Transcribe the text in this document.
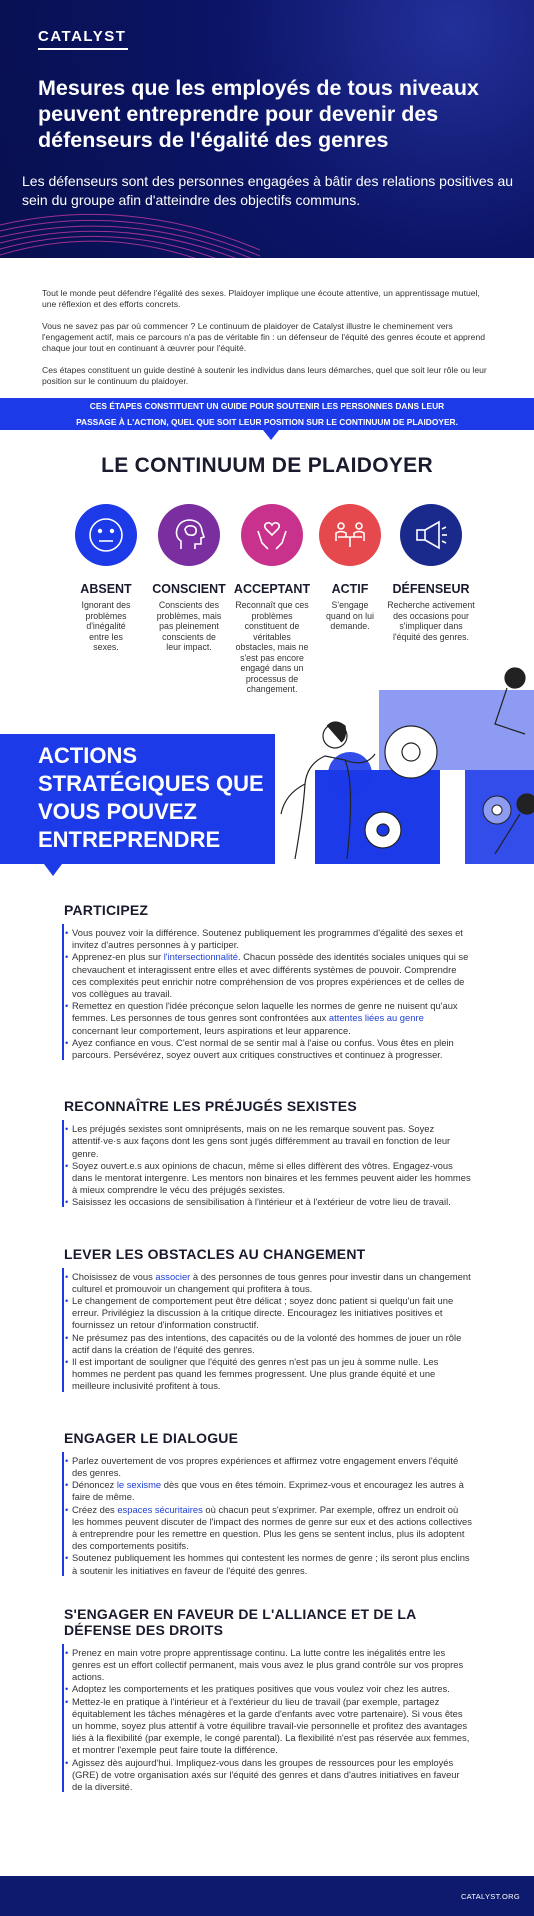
CATALYST
Mesures que les employés de tous niveaux peuvent entreprendre pour devenir des défenseurs de l'égalité des genres

Les défenseurs sont des personnes engagées à bâtir des relations positives au sein du groupe afin d'atteindre des objectifs communs.

Tout le monde peut défendre l'égalité des sexes. Plaidoyer implique une écoute attentive, un apprentissage mutuel, une réflexion et des efforts concrets.

Vous ne savez pas par où commencer ? Le continuum de plaidoyer de Catalyst illustre le cheminement vers l'engagement actif, mais ce parcours n'a pas de véritable fin : un défenseur de l'équité des genres écoute et apprend chaque jour tout en continuant à œuvrer pour l'équité.

Ces étapes constituent un guide destiné à soutenir les individus dans leurs démarches, quel que soit leur rôle ou leur position sur le continuum du plaidoyer.

CES ÉTAPES CONSTITUENT UN GUIDE POUR SOUTENIR LES PERSONNES DANS LEUR
PASSAGE À L'ACTION, QUEL QUE SOIT LEUR POSITION SUR LE CONTINUUM DE PLAIDOYER.
LE CONTINUUM DE PLAIDOYER
ABSENT
Ignorant des problèmes d'inégalité entre les sexes.
CONSCIENT
Conscients des problèmes, mais pas pleinement conscients de leur impact.
ACCEPTANT
Reconnaît que ces problèmes constituent de véritables obstacles, mais ne s'est pas encore engagé dans un processus de changement.
ACTIF
S'engage quand on lui demande.
DÉFENSEUR
Recherche activement des occasions pour s'impliquer dans l'équité des genres.
ACTIONS STRATÉGIQUES QUE VOUS POUVEZ ENTREPRENDRE
PARTICIPEZ
• Vous pouvez voir la différence. Soutenez publiquement les programmes d'égalité des sexes et invitez d'autres personnes à y participer.
• Apprenez-en plus sur l'intersectionnalité. Chacun possède des identités sociales uniques qui se chevauchent et interagissent entre elles et avec différents systèmes de pouvoir. Comprendre ces complexités peut enrichir notre compréhension de vos propres expériences et de celles de vos collègues au travail.
• Remettez en question l'idée préconçue selon laquelle les normes de genre ne nuisent qu'aux femmes. Les personnes de tous genres sont confrontées aux attentes liées au genre concernant leur comportement, leurs aspirations et leur apparence.
• Ayez confiance en vous. C'est normal de se sentir mal à l'aise ou confus. Vous êtes en plein parcours. Persévérez, soyez ouvert aux critiques constructives et continuez à progresser.
RECONNAÎTRE LES PRÉJUGÉS SEXISTES
• Les préjugés sexistes sont omniprésents, mais on ne les remarque souvent pas. Soyez attentif·ve·s aux façons dont les gens sont jugés différemment au travail en fonction de leur genre.
• Soyez ouvert.e.s aux opinions de chacun, même si elles diffèrent des vôtres. Engagez-vous dans le mentorat intergenre. Les mentors non binaires et les femmes peuvent aider les hommes à mieux comprendre le vécu des préjugés sexistes.
• Saisissez les occasions de sensibilisation à l'intérieur et à l'extérieur de votre lieu de travail.
LEVER LES OBSTACLES AU CHANGEMENT
• Choisissez de vous associer à des personnes de tous genres pour investir dans un changement culturel et promouvoir un changement qui profitera à tous.
• Le changement de comportement peut être délicat ; soyez donc patient si quelqu'un fait une erreur. Privilégiez la discussion à la critique directe. Encouragez les initiatives positives et fournissez un retour d'information constructif.
• Ne présumez pas des intentions, des capacités ou de la volonté des hommes de jouer un rôle actif dans la création de l'équité des genres.
• Il est important de souligner que l'équité des genres n'est pas un jeu à somme nulle. Les hommes ne perdent pas quand les femmes progressent. Une plus grande équité et une meilleure inclusivité profitent à tous.
ENGAGER LE DIALOGUE
• Parlez ouvertement de vos propres expériences et affirmez votre engagement envers l'équité des genres.
• Dénoncez le sexisme dès que vous en êtes témoin. Exprimez-vous et encouragez les autres à faire de même.
• Créez des espaces sécuritaires où chacun peut s'exprimer. Par exemple, offrez un endroit où les hommes peuvent discuter de l'impact des normes de genre sur eux et des actions collectives à entreprendre pour les remettre en question. Plus les gens se sentent inclus, plus ils adoptent des comportements positifs.
• Soutenez publiquement les hommes qui contestent les normes de genre ; ils seront plus enclins à soutenir les initiatives en faveur de l'équité des genres.
S'ENGAGER EN FAVEUR DE L'ALLIANCE ET DE LA DÉFENSE DES DROITS
• Prenez en main votre propre apprentissage continu. La lutte contre les inégalités entre les genres est un effort collectif permanent, mais vous avez le plus grand contrôle sur vos propres actions.
• Adoptez les comportements et les pratiques positives que vous voulez voir chez les autres.
• Mettez-le en pratique à l'intérieur et à l'extérieur du lieu de travail (par exemple, partagez équitablement les tâches ménagères et la garde d'enfants avec votre partenaire). Si vous êtes un homme, soyez plus attentif à votre équilibre travail-vie personnelle et profitez des avantages liés à la flexibilité (par exemple, le congé parental). La flexibilité n'est pas réservée aux femmes, et montrer l'exemple peut faire toute la différence.
• Agissez dès aujourd'hui. Impliquez-vous dans les groupes de ressources pour les employés (GRE) de votre organisation axés sur l'équité des genres et dans d'autres initiatives en faveur de la diversité.
CATALYST.ORG
